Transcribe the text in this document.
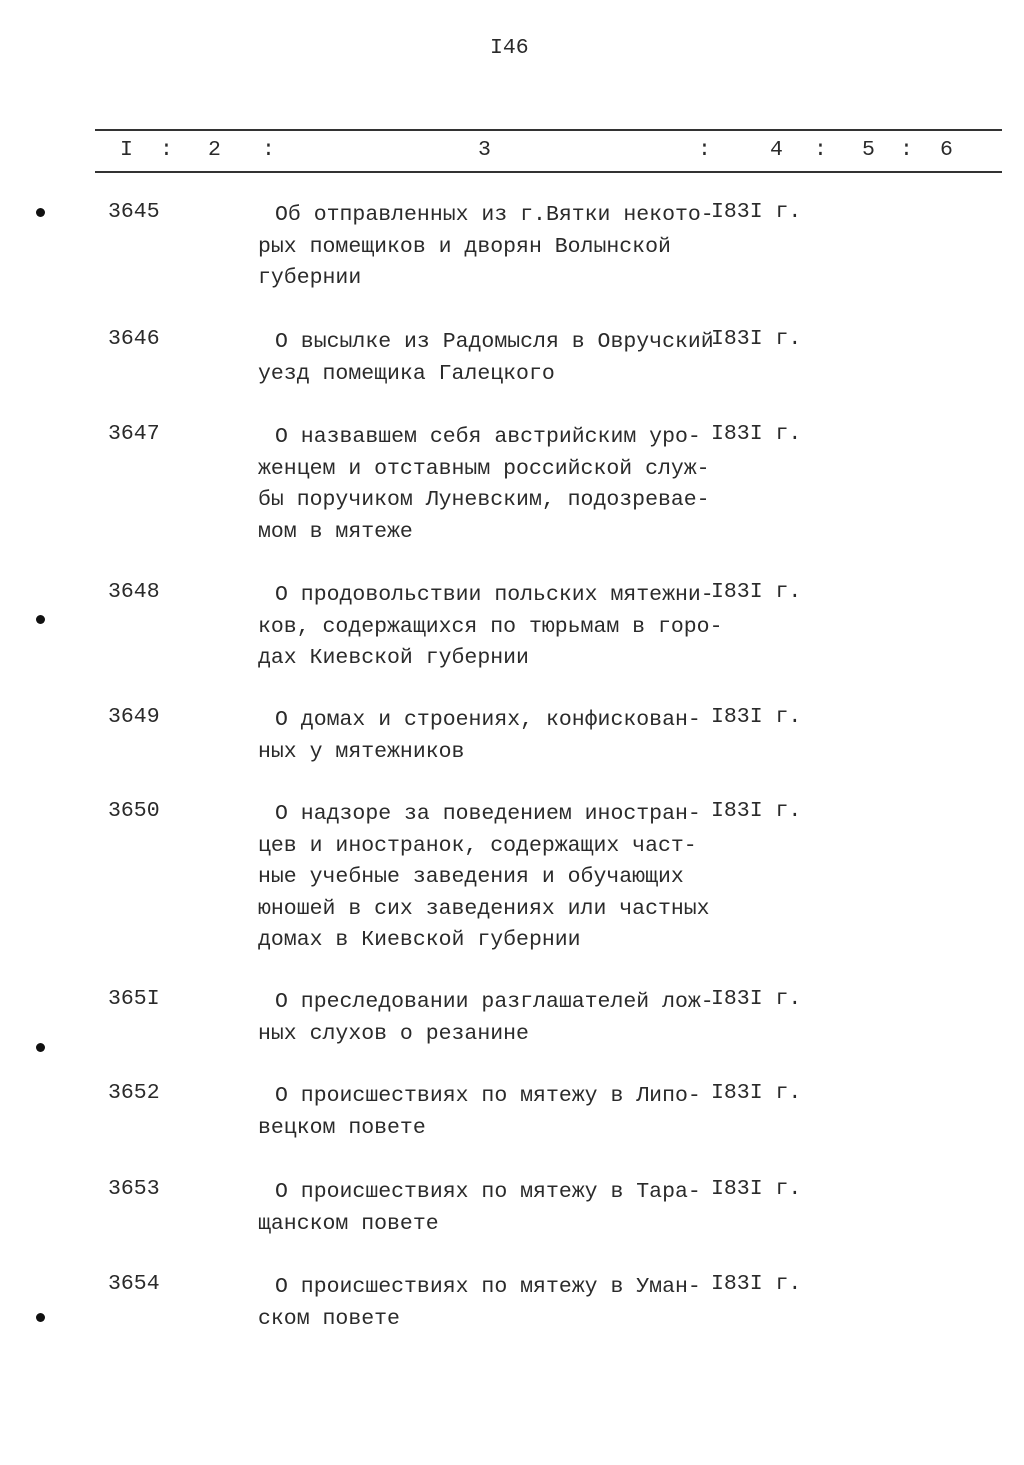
I46
I : 2 :	3	:	4 : 5 : 6
3645	Об отправленных из г.Вятки некото-
рых помещиков и дворян Волынской
губернии
I83I г.
3646	О высылке из Радомысля в Овручский
уезд помещика Галецкого
I83I г.
3647	О назвавшем себя австрийским уро-
женцем и отставным российской служ-
бы поручиком Луневским, подозревае-
мом в мятеже
I83I г.
3648	О продовольствии польских мятежни-
ков, содержащихся по тюрьмам в горо-
дах Киевской губернии
I83I г.
3649	О домах и строениях, конфискован-
ных у мятежников
I83I г.
3650	О надзоре за поведением иностран-
цев и иностранок, содержащих част-
ные учебные заведения и обучающих
юношей в сих заведениях или частных
домах в Киевской губернии
I83I г.
365I	О преследовании разглашателей лож-
ных слухов о резанине
I83I г.
3652	О происшествиях по мятежу в Липо-
вецком повете
I83I г.
3653	О происшествиях по мятежу в Тара-
щанском повете
I83I г.
3654	О происшествиях по мятежу в Уман-
ском повете
I83I г.
